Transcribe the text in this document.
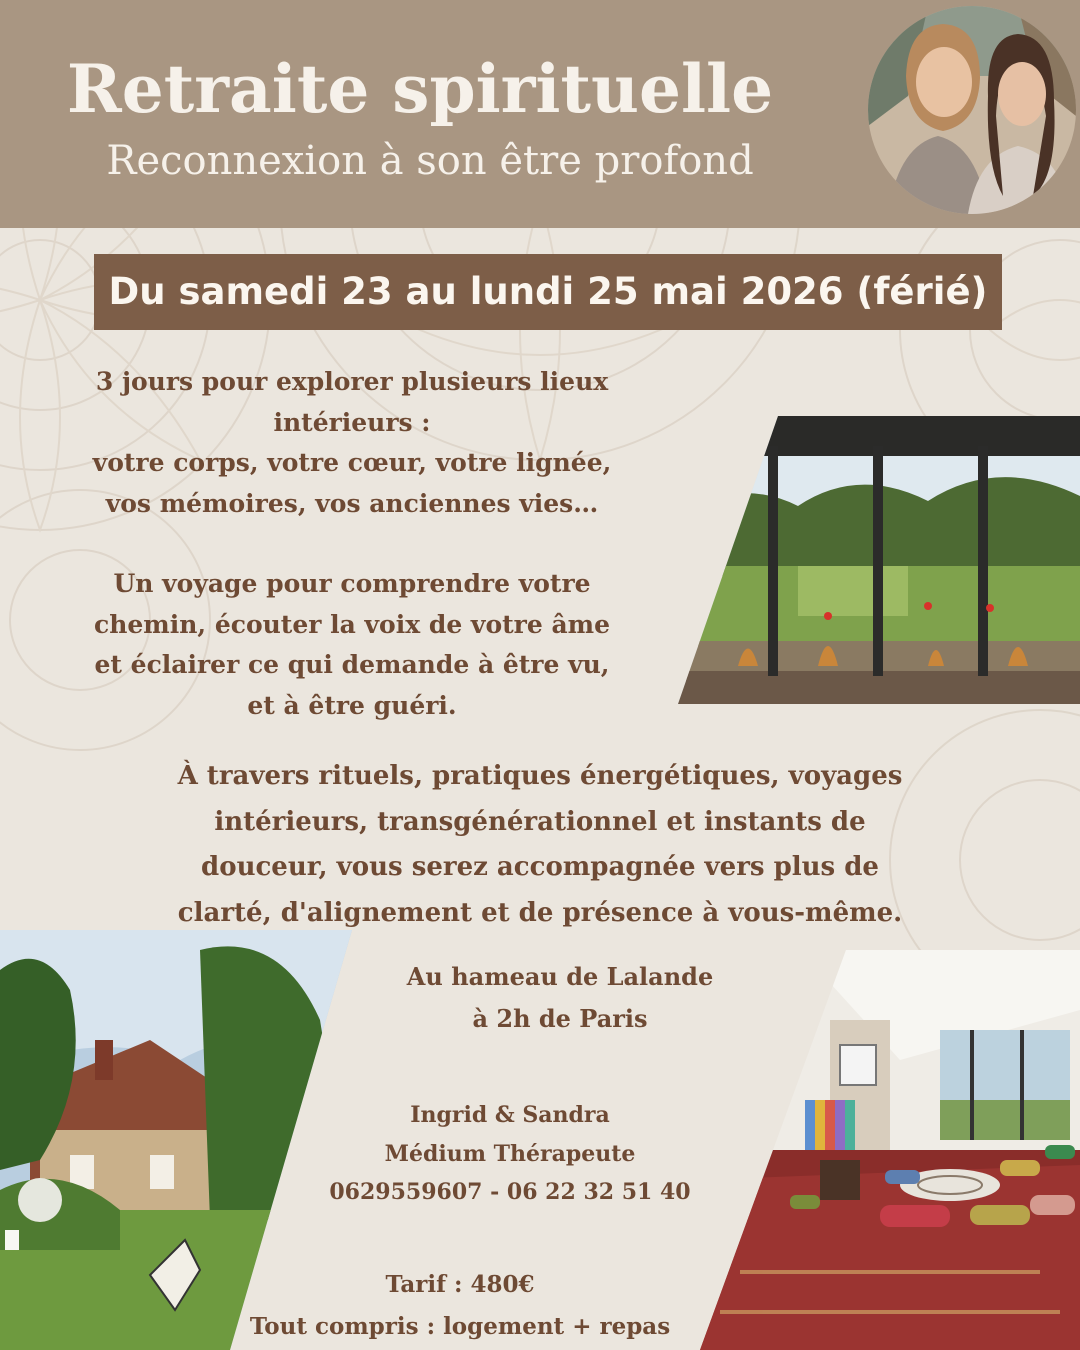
Retraite spirituelle
Reconnexion à son être profond
Du samedi 23 au lundi 25 mai 2026 (férié)

3 jours pour explorer plusieurs lieux

intérieurs :

votre corps, votre cœur, votre lignée,

vos mémoires, vos anciennes vies…

Un voyage pour comprendre votre

chemin, écouter la voix de votre âme

et éclairer ce qui demande à être vu,

et à être guéri.

À travers rituels, pratiques énergétiques, voyages
intérieurs, transgénérationnel et instants de
douceur, vous serez accompagnée vers plus de
clarté, d'alignement et de présence à vous-même.

Au hameau de Lalande

à 2h de Paris

Ingrid & Sandra

Médium Thérapeute

0629559607 - 06 22 32 51 40

Tarif : 480€

Tout compris : logement + repas
